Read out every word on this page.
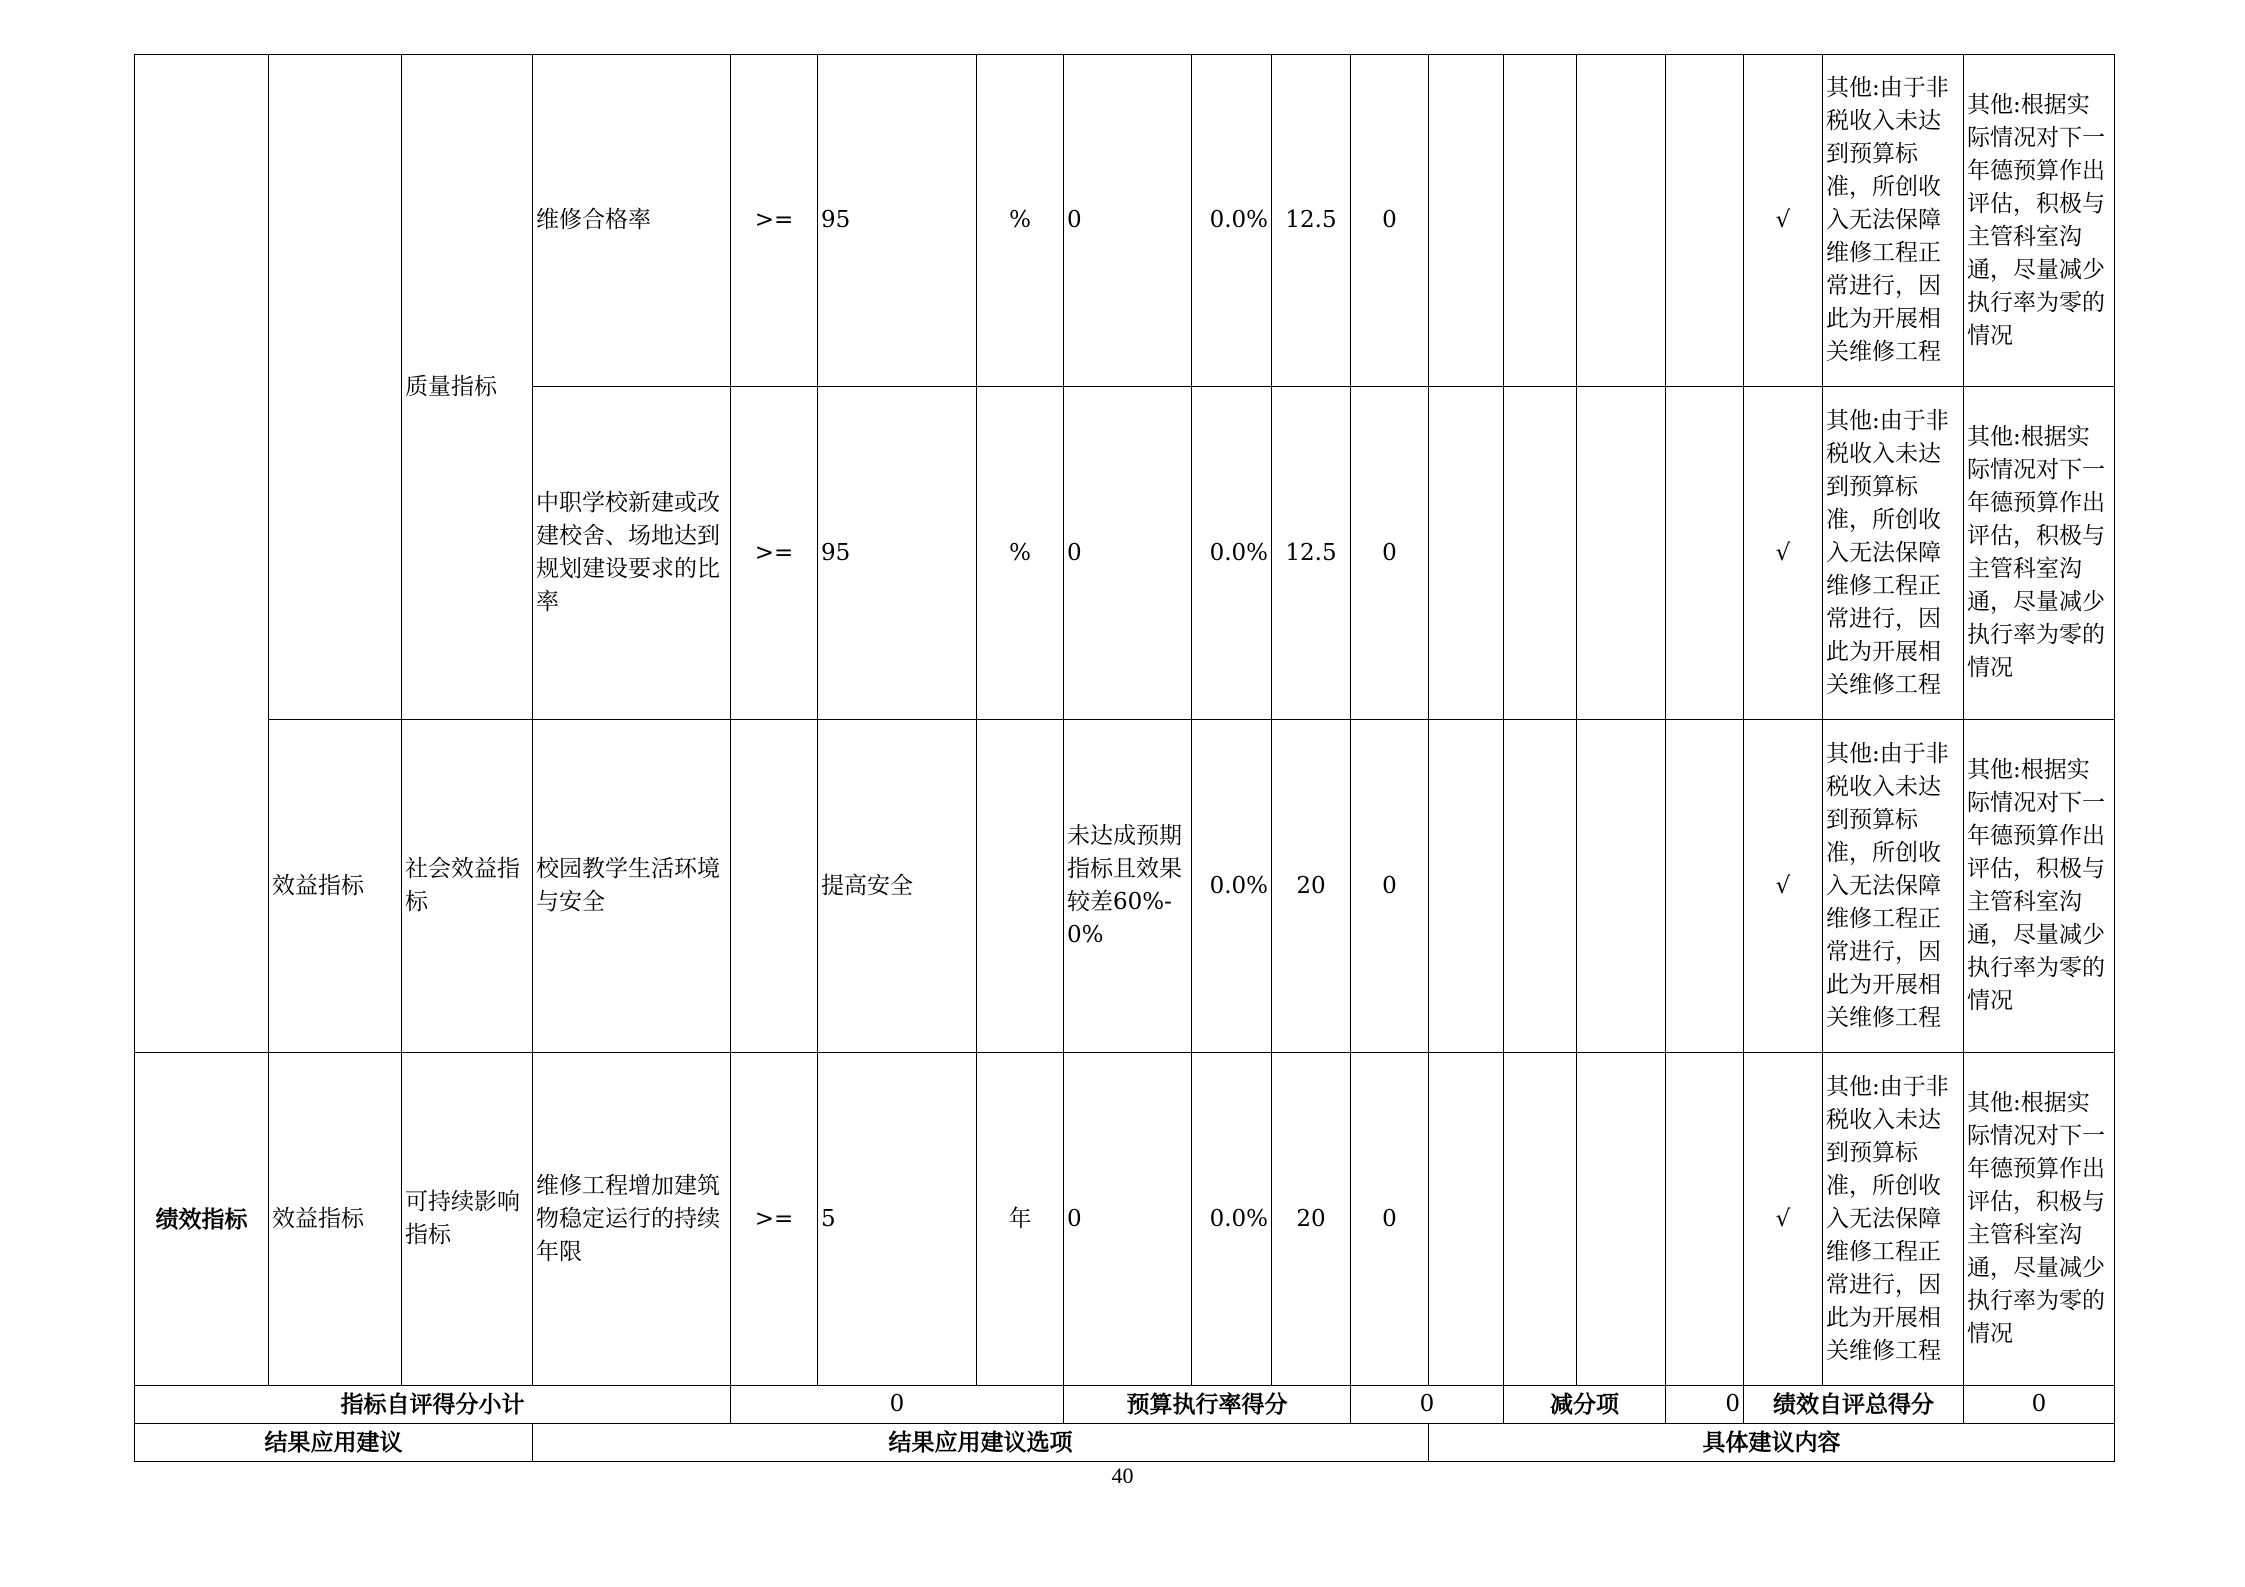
		质量指标	维修合格率	>=	95	%	0	0.0%	12.5	0					√	其他:由于非税收入未达到预算标准，所创收入无法保障维修工程正常进行，因此为开展相关维修工程	其他:根据实际情况对下一年德预算作出评估，积极与主管科室沟通，尽量减少执行率为零的情况
			中职学校新建或改建校舍、场地达到规划建设要求的比率	>=	95	%	0	0.0%	12.5	0					√	其他:由于非税收入未达到预算标准，所创收入无法保障维修工程正常进行，因此为开展相关维修工程	其他:根据实际情况对下一年德预算作出评估，积极与主管科室沟通，尽量减少执行率为零的情况
	效益指标	社会效益指标	校园教学生活环境与安全		提高安全		未达成预期指标且效果较差60%-0%	0.0%	20	0					√	其他:由于非税收入未达到预算标准，所创收入无法保障维修工程正常进行，因此为开展相关维修工程	其他:根据实际情况对下一年德预算作出评估，积极与主管科室沟通，尽量减少执行率为零的情况
绩效指标	效益指标	可持续影响指标	维修工程增加建筑物稳定运行的持续年限	>=	5	年	0	0.0%	20	0					√	其他:由于非税收入未达到预算标准，所创收入无法保障维修工程正常进行，因此为开展相关维修工程	其他:根据实际情况对下一年德预算作出评估，积极与主管科室沟通，尽量减少执行率为零的情况
指标自评得分小计				0			预算执行率得分			0		减分项		0	绩效自评总得分		0
结果应用建议			结果应用建议选项								具体建议内容						
40
